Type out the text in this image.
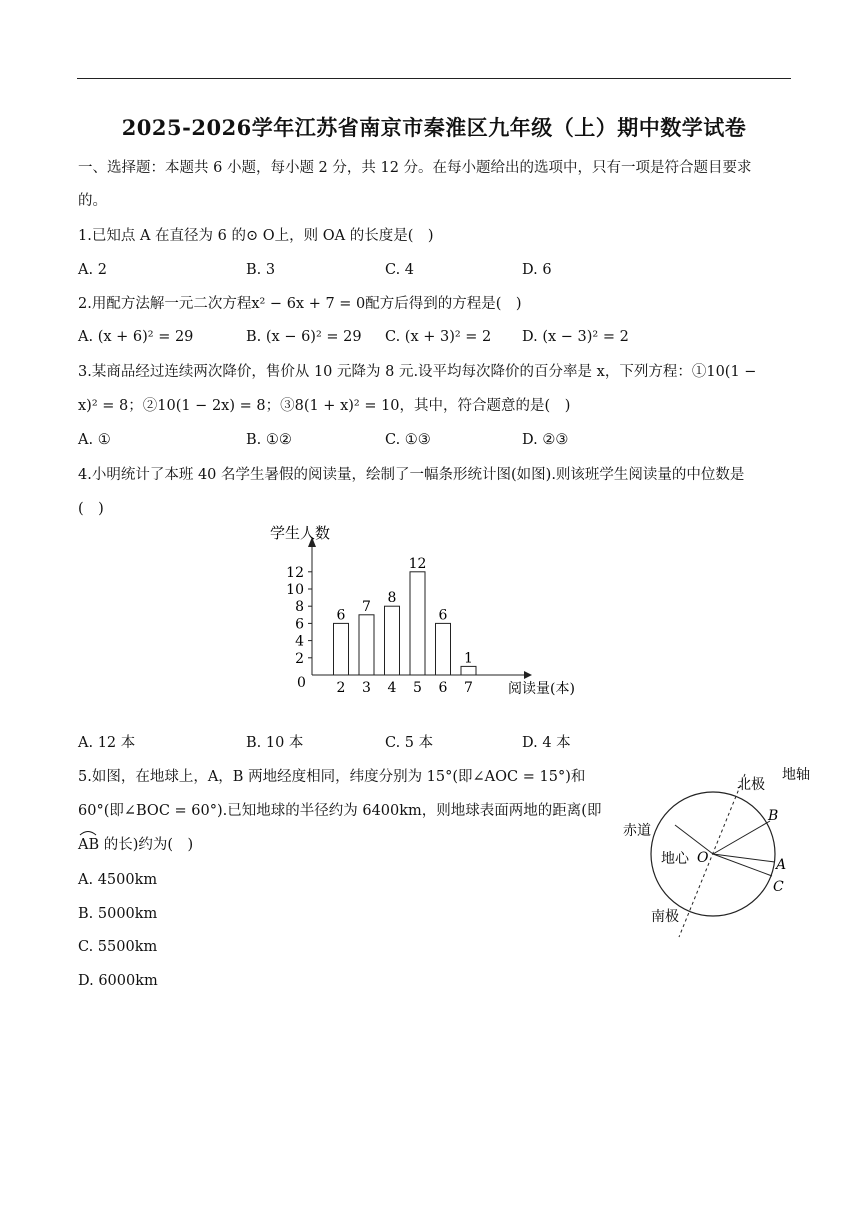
2025-2026学年江苏省南京市秦淮区九年级（上）期中数学试卷
一、选择题：本题共 6 小题，每小题 2 分，共 12 分。在每小题给出的选项中，只有一项是符合题目要求
的。
1.已知点 A 在直径为 6 的⊙ O上，则 OA 的长度是(　)
A. 2	B. 3	C. 4	D. 6
2.用配方法解一元二次方程x² − 6x + 7 = 0配方后得到的方程是(　)
A. (x + 6)² = 29	B. (x − 6)² = 29 C. (x + 3)² = 2 D. (x − 3)² = 2
3.某商品经过连续两次降价，售价从 10 元降为 8 元.设平均每次降价的百分率是 x，下列方程：①10(1 −
x)² = 8；②10(1 − 2x) = 8；③8(1 + x)² = 10，其中，符合题意的是(　)
A. ①	B. ①②	C. ①③	D. ②③
4.小明统计了本班 40 名学生暑假的阅读量，绘制了一幅条形统计图(如图).则该班学生阅读量的中位数是
(　)
学生人数
阅读量(本)
0
2
4
6
8
10
12
6
2
7
3
8
4
12
5
6
6
1
7
A. 12 本	B. 10 本	C. 5 本	D. 4 本
5.如图，在地球上，A，B 两地经度相同，纬度分别为 15°(即∠AOC = 15°)和
60°(即∠BOC = 60°).已知地球的半径约为 6400km，则地球表面两地的距离(即
AB 的长)约为(　)
A. 4500km
B. 5000km
C. 5500km
D. 6000km
北极
地轴
赤道
地心
南极
O
B
A
C
